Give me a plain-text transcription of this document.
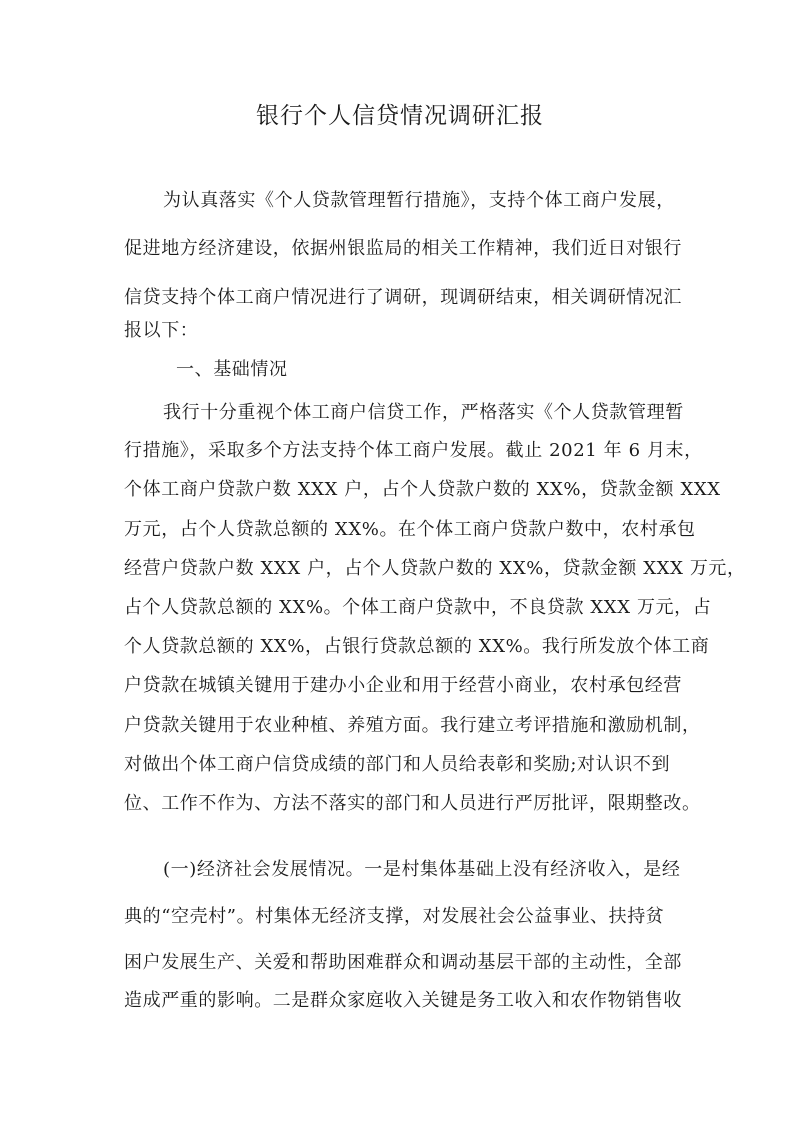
银行个人信贷情况调研汇报
为认真落实《个人贷款管理暂行措施》，支持个体工商户发展，
促进地方经济建设，依据州银监局的相关工作精神，我们近日对银行
信贷支持个体工商户情况进行了调研，现调研结束，相关调研情况汇
报以下：
一、基础情况
我行十分重视个体工商户信贷工作，严格落实《个人贷款管理暂
行措施》，采取多个方法支持个体工商户发展。截止 2021 年 6 月末，
个体工商户贷款户数 XXX 户，占个人贷款户数的 XX%，贷款金额 XXX
万元，占个人贷款总额的 XX%。在个体工商户贷款户数中，农村承包
经营户贷款户数 XXX 户，占个人贷款户数的 XX%，贷款金额 XXX 万元，
占个人贷款总额的 XX%。个体工商户贷款中，不良贷款 XXX 万元，占
个人贷款总额的 XX%，占银行贷款总额的 XX%。我行所发放个体工商
户贷款在城镇关键用于建办小企业和用于经营小商业，农村承包经营
户贷款关键用于农业种植、养殖方面。我行建立考评措施和激励机制，
对做出个体工商户信贷成绩的部门和人员给表彰和奖励;对认识不到
位、工作不作为、方法不落实的部门和人员进行严厉批评，限期整改。
(一)经济社会发展情况。一是村集体基础上没有经济收入，是经
典的“空壳村”。村集体无经济支撑，对发展社会公益事业、扶持贫
困户发展生产、关爱和帮助困难群众和调动基层干部的主动性，全部
造成严重的影响。二是群众家庭收入关键是务工收入和农作物销售收
